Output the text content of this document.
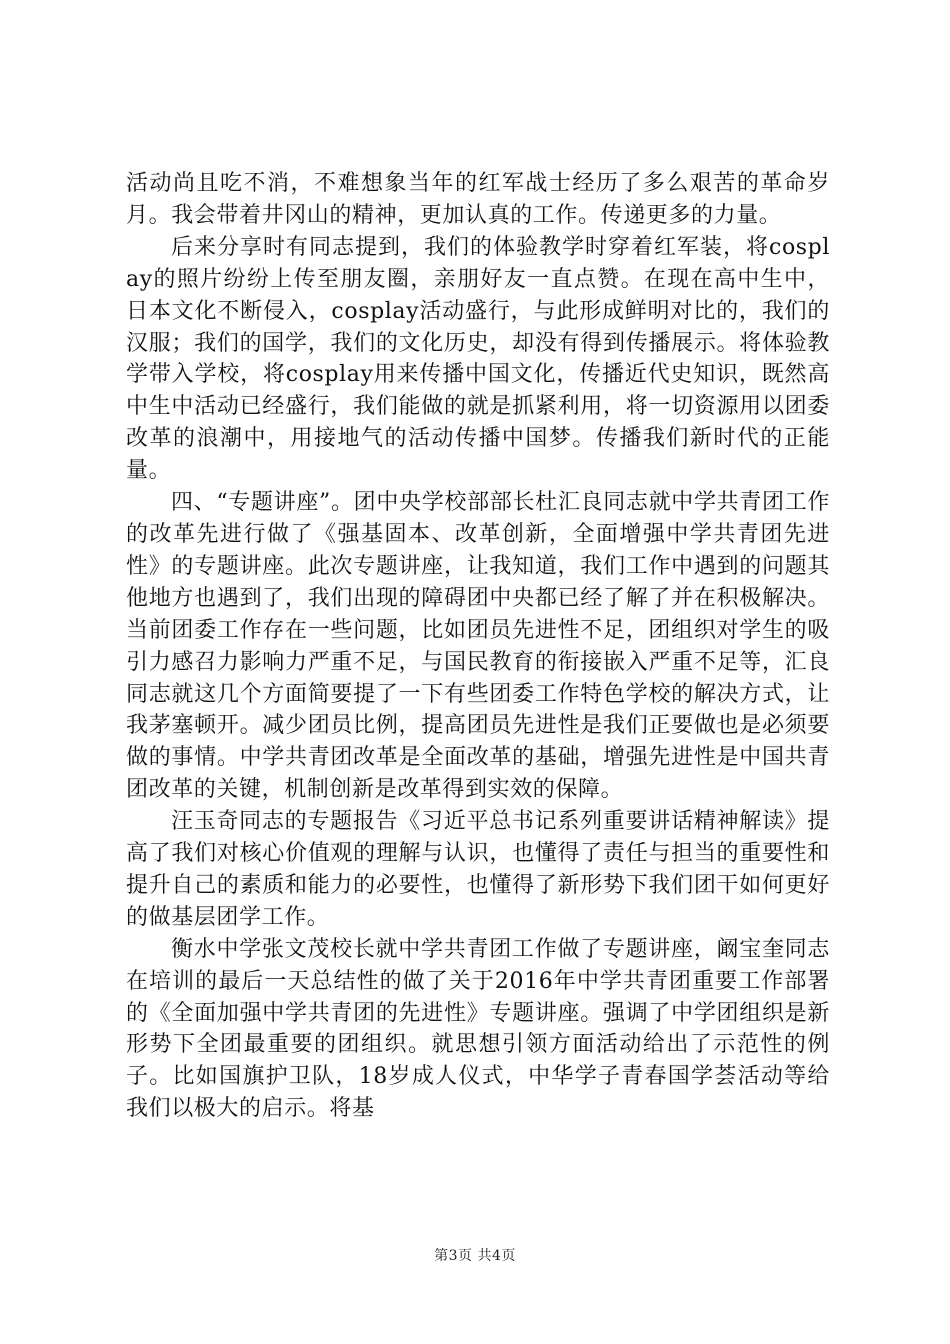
活动尚且吃不消，不难想象当年的红军战士经历了多么艰苦的革命岁月。我会带着井冈山的精神，更加认真的工作。传递更多的力量。

后来分享时有同志提到，我们的体验教学时穿着红军装，将cosplay的照片纷纷上传至朋友圈，亲朋好友一直点赞。在现在高中生中，日本文化不断侵入，cosplay活动盛行，与此形成鲜明对比的，我们的汉服；我们的国学，我们的文化历史，却没有得到传播展示。将体验教学带入学校，将cosplay用来传播中国文化，传播近代史知识，既然高中生中活动已经盛行，我们能做的就是抓紧利用，将一切资源用以团委改革的浪潮中，用接地气的活动传播中国梦。传播我们新时代的正能量。

四、“专题讲座”。团中央学校部部长杜汇良同志就中学共青团工作的改革先进行做了《强基固本、改革创新，全面增强中学共青团先进性》的专题讲座。此次专题讲座，让我知道，我们工作中遇到的问题其他地方也遇到了，我们出现的障碍团中央都已经了解了并在积极解决。当前团委工作存在一些问题，比如团员先进性不足，团组织对学生的吸引力感召力影响力严重不足，与国民教育的衔接嵌入严重不足等，汇良同志就这几个方面简要提了一下有些团委工作特色学校的解决方式，让我茅塞顿开。减少团员比例，提高团员先进性是我们正要做也是必须要做的事情。中学共青团改革是全面改革的基础，增强先进性是中国共青团改革的关键，机制创新是改革得到实效的保障。

汪玉奇同志的专题报告《习近平总书记系列重要讲话精神解读》提高了我们对核心价值观的理解与认识，也懂得了责任与担当的重要性和提升自己的素质和能力的必要性，也懂得了新形势下我们团干如何更好的做基层团学工作。

衡水中学张文茂校长就中学共青团工作做了专题讲座，阚宝奎同志在培训的最后一天总结性的做了关于2016年中学共青团重要工作部署的《全面加强中学共青团的先进性》专题讲座。强调了中学团组织是新形势下全团最重要的团组织。就思想引领方面活动给出了示范性的例子。比如国旗护卫队，18岁成人仪式，中华学子青春国学荟活动等给我们以极大的启示。将基

第3页 共4页
